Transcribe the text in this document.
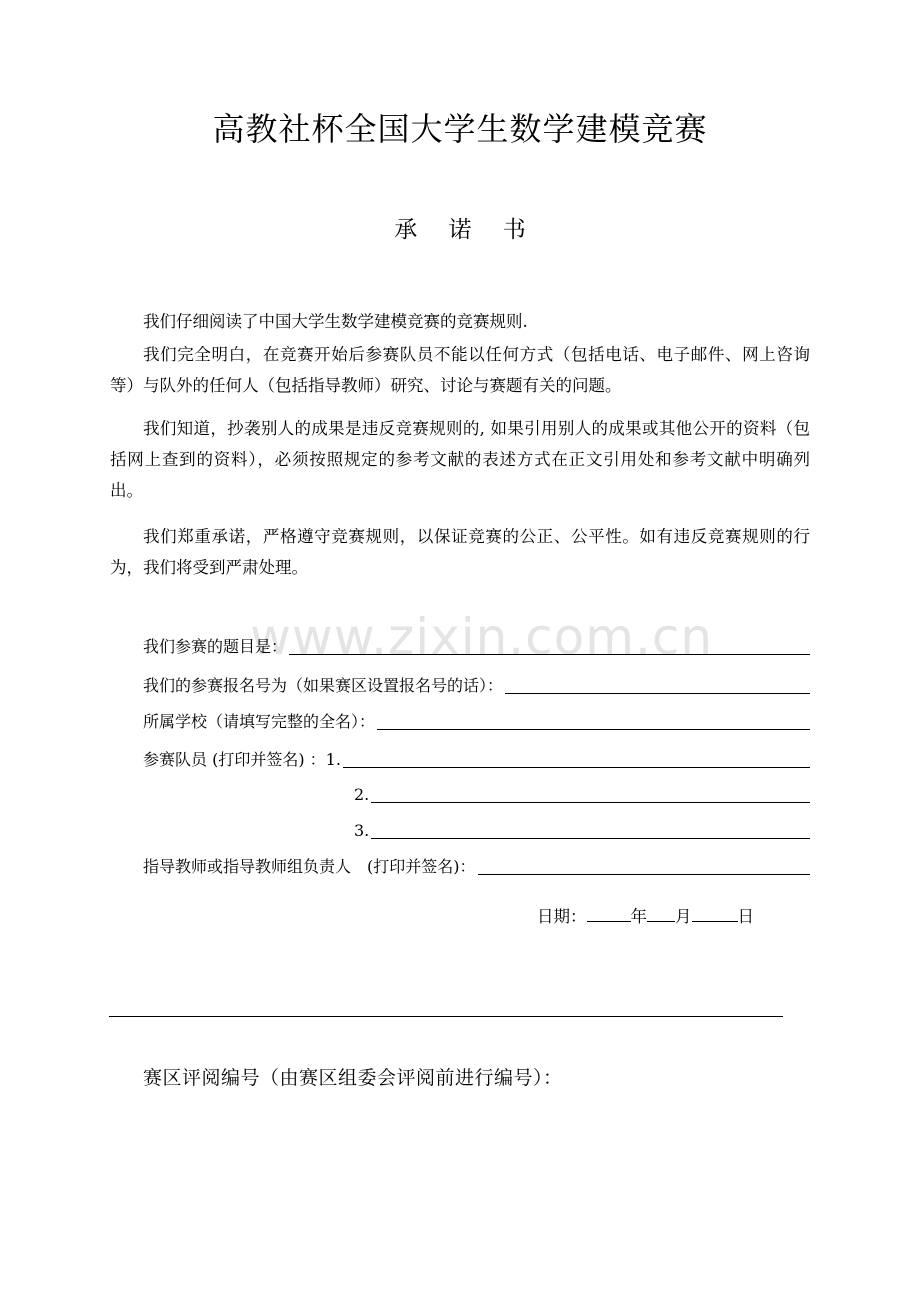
高教社杯全国大学生数学建模竞赛
承 诺 书
我们仔细阅读了中国大学生数学建模竞赛的竞赛规则.
我们完全明白，在竞赛开始后参赛队员不能以任何方式（包括电话、电子邮件、网上咨询等）与队外的任何人（包括指导教师）研究、讨论与赛题有关的问题。
我们知道，抄袭别人的成果是违反竞赛规则的, 如果引用别人的成果或其他公开的资料（包括网上查到的资料），必须按照规定的参考文献的表述方式在正文引用处和参考文献中明确列出。
我们郑重承诺，严格遵守竞赛规则，以保证竞赛的公正、公平性。如有违反竞赛规则的行为，我们将受到严肃处理。
www.zixin.com.cn
我们参赛的题目是：
我们的参赛报名号为（如果赛区设置报名号的话）：
所属学校（请填写完整的全名）：
参赛队员 (打印并签名) ：1.
2.
3.
指导教师或指导教师组负责人　(打印并签名)：
日期：	年 月	日
赛区评阅编号（由赛区组委会评阅前进行编号）：
